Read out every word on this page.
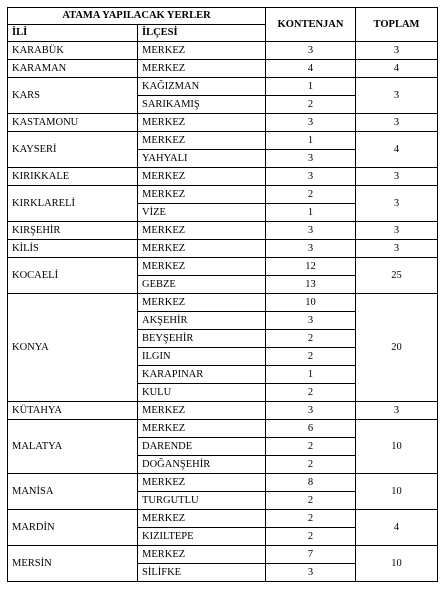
ATAMA YAPILACAK YERLER		KONTENJAN	TOPLAM
İLİ	İLÇESİ		
KARABÜK	MERKEZ	3	3
KARAMAN	MERKEZ	4	4
KARS	KAĞIZMAN	1	3
	SARIKAMIŞ	2	
KASTAMONU	MERKEZ	3	3
KAYSERİ	MERKEZ	1	4
	YAHYALI	3	
KIRIKKALE	MERKEZ	3	3
KIRKLARELİ	MERKEZ	2	3
	VİZE	1	
KIRŞEHİR	MERKEZ	3	3
KİLİS	MERKEZ	3	3
KOCAELİ	MERKEZ	12	25
	GEBZE	13	
KONYA	MERKEZ	10	20
	AKŞEHİR	3	
	BEYŞEHİR	2	
	ILGIN	2	
	KARAPINAR	1	
	KULU	2	
KÜTAHYA	MERKEZ	3	3
MALATYA	MERKEZ	6	10
	DARENDE	2	
	DOĞANŞEHİR	2	
MANİSA	MERKEZ	8	10
	TURGUTLU	2	
MARDİN	MERKEZ	2	4
	KIZILTEPE	2	
MERSİN	MERKEZ	7	10
	SİLİFKE	3	
